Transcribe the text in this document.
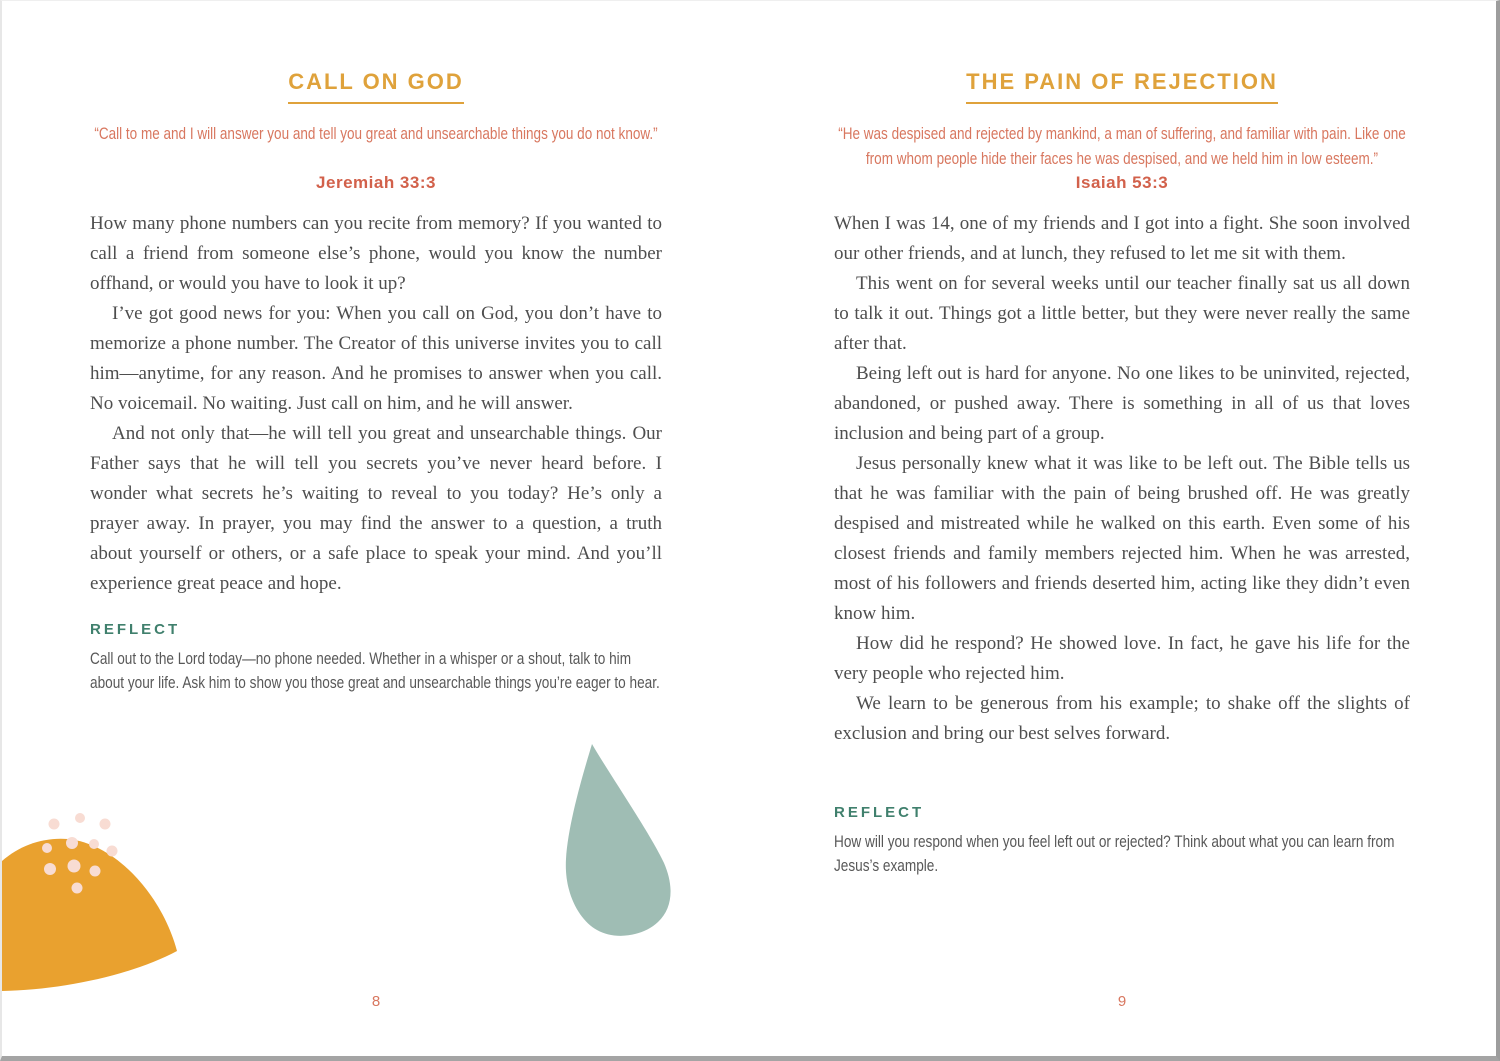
CALL ON GOD
“Call to me and I will answer you and tell you great and unsearchable things you do not know.”
Jeremiah 33:3

How many phone numbers can you recite from memory? If you wanted to call a friend from someone else’s phone, would you know the number offhand, or would you have to look it up?

I’ve got good news for you: When you call on God, you don’t have to memorize a phone number. The Creator of this universe invites you to call him—anytime, for any reason. And he promises to answer when you call. No voicemail. No waiting. Just call on him, and he will answer.

And not only that—he will tell you great and unsearchable things. Our Father says that he will tell you secrets you’ve never heard before. I wonder what secrets he’s waiting to reveal to you today? He’s only a prayer away. In prayer, you may find the answer to a question, a truth about yourself or others, or a safe place to speak your mind. And you’ll experience great peace and hope.

REFLECT
Call out to the Lord today—no phone needed. Whether in a whisper or a shout, talk to him about your life. Ask him to show you those great and unsearchable things you’re eager to hear.
8
THE PAIN OF REJECTION
“He was despised and rejected by mankind, a man of suffering, and familiar with pain. Like one from whom people hide their faces he was despised, and we held him in low esteem.”
Isaiah 53:3

When I was 14, one of my friends and I got into a fight. She soon involved our other friends, and at lunch, they refused to let me sit with them.

This went on for several weeks until our teacher finally sat us all down to talk it out. Things got a little better, but they were never really the same after that.

Being left out is hard for anyone. No one likes to be uninvited, rejected, abandoned, or pushed away. There is something in all of us that loves inclusion and being part of a group.

Jesus personally knew what it was like to be left out. The Bible tells us that he was familiar with the pain of being brushed off. He was greatly despised and mistreated while he walked on this earth. Even some of his closest friends and family members rejected him. When he was arrested, most of his followers and friends deserted him, acting like they didn’t even know him.

How did he respond? He showed love. In fact, he gave his life for the very people who rejected him.

We learn to be generous from his example; to shake off the slights of exclusion and bring our best selves forward.

REFLECT
How will you respond when you feel left out or rejected? Think about what you can learn from Jesus’s example.
9
